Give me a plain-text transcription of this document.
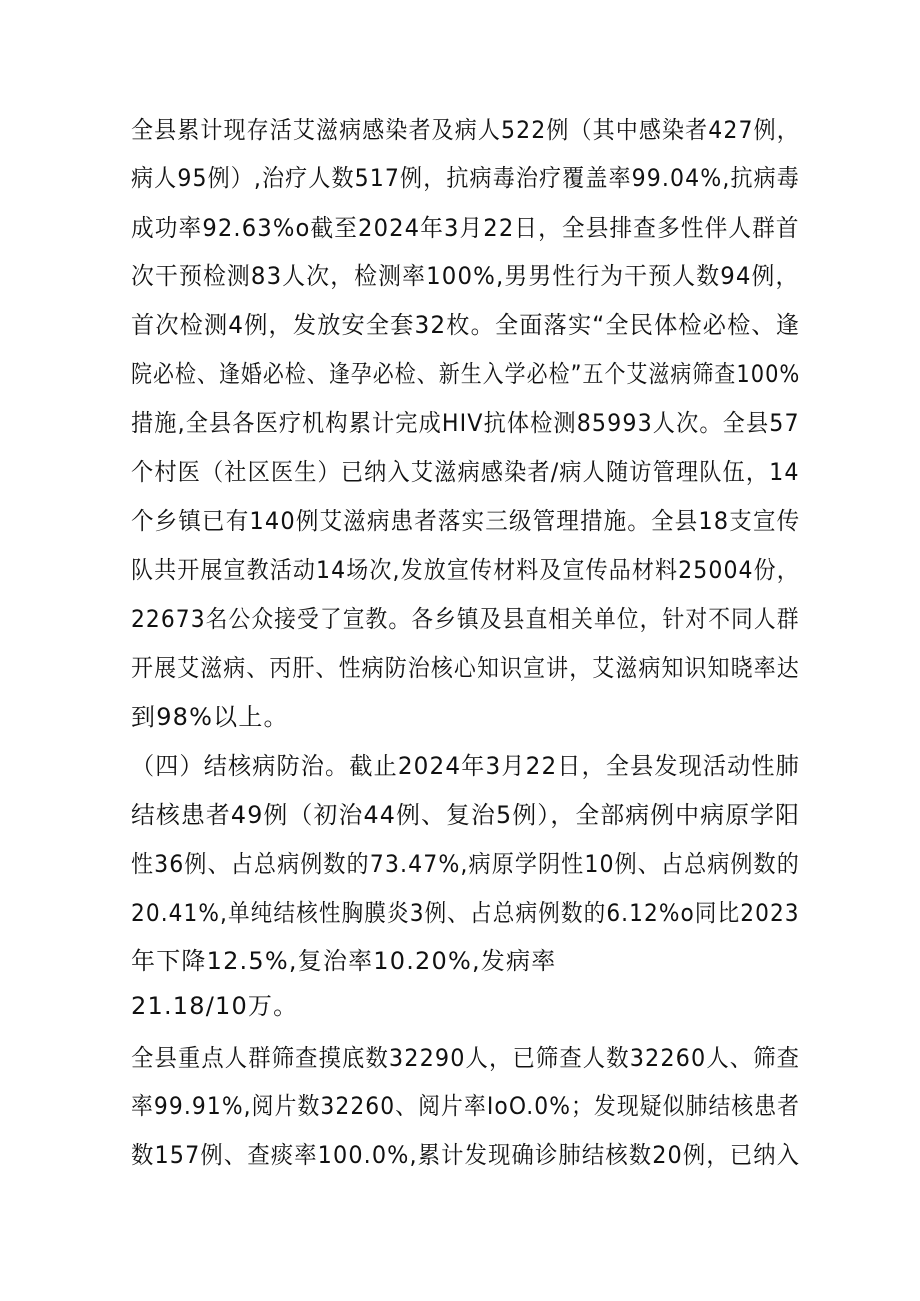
全县累计现存活艾滋病感染者及病人522例（其中感染者427例，
病人95例）,治疗人数517例，抗病毒治疗覆盖率99.04%,抗病毒
成功率92.63%o截至2024年3月22日，全县排查多性伴人群首
次干预检测83人次，检测率100%,男男性行为干预人数94例，
首次检测4例，发放安全套32枚。全面落实“全民体检必检、逢
院必检、逢婚必检、逢孕必检、新生入学必检”五个艾滋病筛查100%
措施,全县各医疗机构累计完成HIV抗体检测85993人次。全县57
个村医（社区医生）已纳入艾滋病感染者/病人随访管理队伍，14
个乡镇已有140例艾滋病患者落实三级管理措施。全县18支宣传
队共开展宣教活动14场次,发放宣传材料及宣传品材料25004份，
22673名公众接受了宣教。各乡镇及县直相关单位，针对不同人群
开展艾滋病、丙肝、性病防治核心知识宣讲，艾滋病知识知晓率达
到98%以上。
（四）结核病防治。截止2024年3月22日，全县发现活动性肺
结核患者49例（初治44例、复治5例），全部病例中病原学阳
性36例、占总病例数的73.47%,病原学阴性10例、占总病例数的
20.41%,单纯结核性胸膜炎3例、占总病例数的6.12%o同比2023
年下降12.5%,复治率10.20%,发病率
21.18/10万。
全县重点人群筛查摸底数32290人，已筛查人数32260人、筛查
率99.91%,阅片数32260、阅片率IoO.0%；发现疑似肺结核患者
数157例、查痰率100.0%,累计发现确诊肺结核数20例，已纳入
